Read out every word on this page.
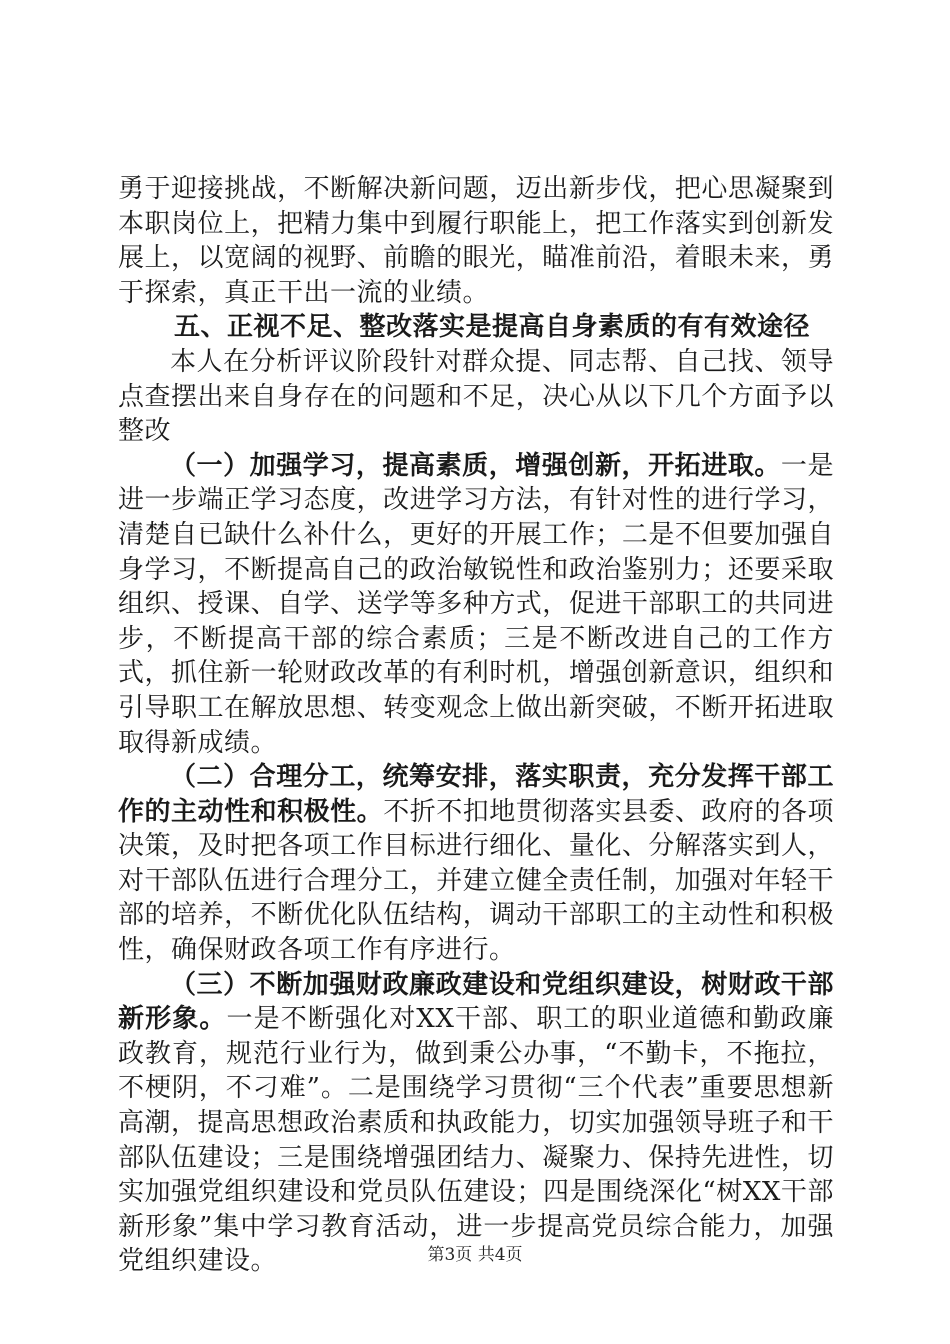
勇于迎接挑战，不断解决新问题，迈出新步伐，把心思凝聚到本职岗位上，把精力集中到履行职能上，把工作落实到创新发展上，以宽阔的视野、前瞻的眼光，瞄准前沿，着眼未来，勇于探索，真正干出一流的业绩。

五、正视不足、整改落实是提高自身素质的有有效途径

本人在分析评议阶段针对群众提、同志帮、自己找、领导点查摆出来自身存在的问题和不足，决心从以下几个方面予以整改

（一）加强学习，提高素质，增强创新，开拓进取。一是进一步端正学习态度，改进学习方法，有针对性的进行学习，清楚自已缺什么补什么，更好的开展工作；二是不但要加强自身学习，不断提高自己的政治敏锐性和政治鉴别力；还要采取组织、授课、自学、送学等多种方式，促进干部职工的共同进步，不断提高干部的综合素质；三是不断改进自己的工作方式，抓住新一轮财政改革的有利时机，增强创新意识，组织和引导职工在解放思想、转变观念上做出新突破，不断开拓进取取得新成绩。

（二）合理分工，统筹安排，落实职责，充分发挥干部工作的主动性和积极性。不折不扣地贯彻落实县委、政府的各项决策，及时把各项工作目标进行细化、量化、分解落实到人，对干部队伍进行合理分工，并建立健全责任制，加强对年轻干部的培养，不断优化队伍结构，调动干部职工的主动性和积极性，确保财政各项工作有序进行。

（三）不断加强财政廉政建设和党组织建设，树财政干部新形象。一是不断强化对XX干部、职工的职业道德和勤政廉政教育，规范行业行为，做到秉公办事，“不勤卡，不拖拉，不梗阴，不刁难”。二是围绕学习贯彻“三个代表”重要思想新高潮，提高思想政治素质和执政能力，切实加强领导班子和干部队伍建设；三是围绕增强团结力、凝聚力、保持先进性，切实加强党组织建设和党员队伍建设；四是围绕深化“树XX干部新形象”集中学习教育活动，进一步提高党员综合能力，加强党组织建设。	第3页 共4页
